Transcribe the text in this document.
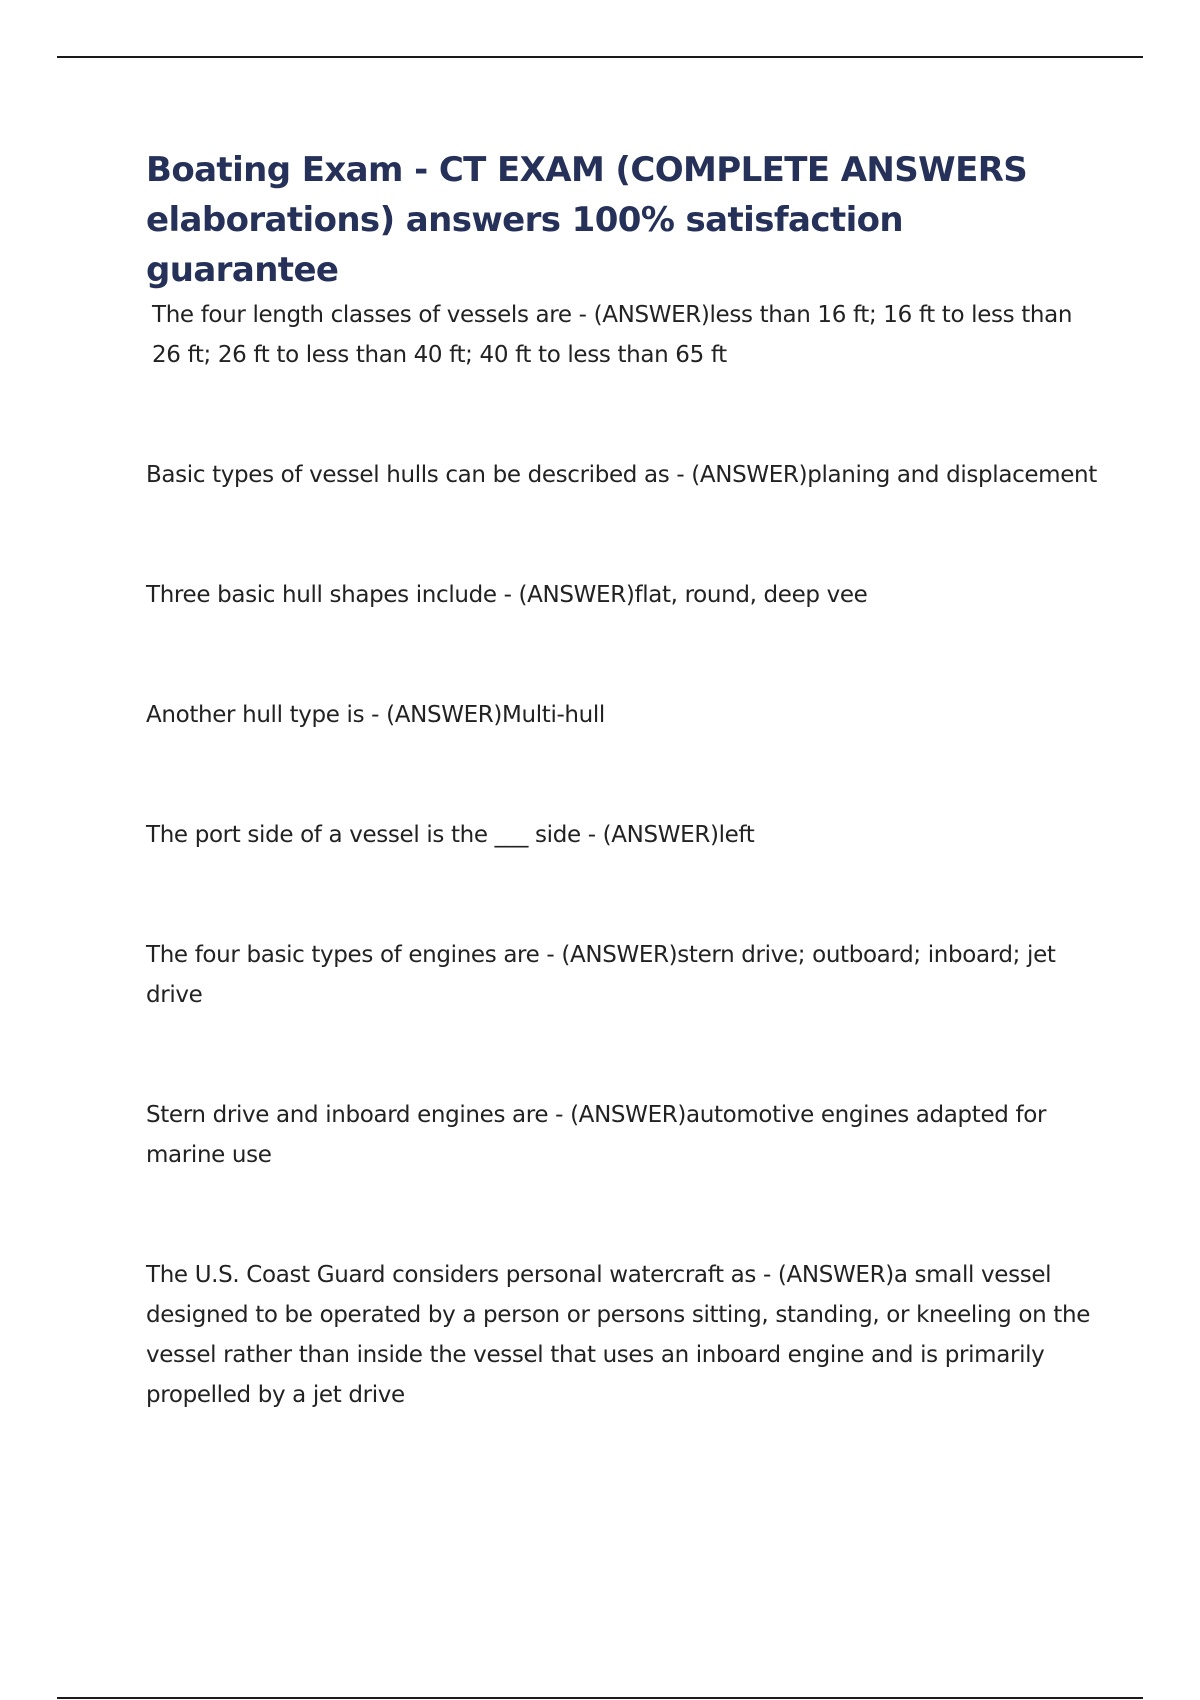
Boating Exam - CT EXAM (COMPLETE ANSWERS elaborations) answers 100% satisfaction guarantee
The four length classes of vessels are - (ANSWER)less than 16 ft; 16 ft to less than 26 ft; 26 ft to less than 40 ft; 40 ft to less than 65 ft
Basic types of vessel hulls can be described as - (ANSWER)planing and displacement
Three basic hull shapes include - (ANSWER)flat, round, deep vee
Another hull type is - (ANSWER)Multi-hull
The port side of a vessel is the ___ side - (ANSWER)left
The four basic types of engines are - (ANSWER)stern drive; outboard; inboard; jet drive
Stern drive and inboard engines are - (ANSWER)automotive engines adapted for marine use
The U.S. Coast Guard considers personal watercraft as - (ANSWER)a small vessel designed to be operated by a person or persons sitting, standing, or kneeling on the vessel rather than inside the vessel that uses an inboard engine and is primarily propelled by a jet drive
